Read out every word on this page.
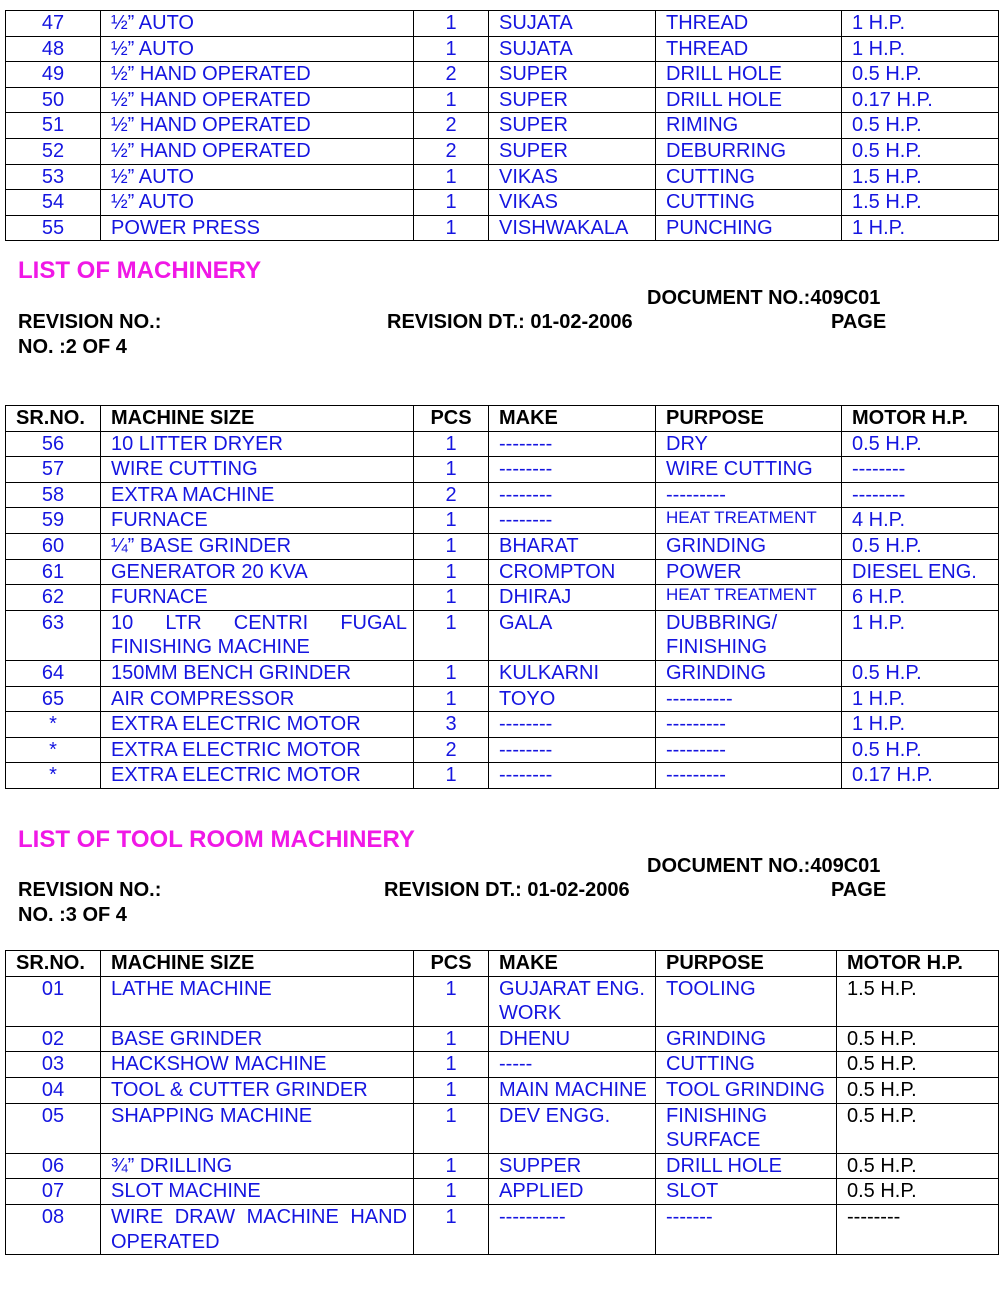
47	½” AUTO	1	SUJATA	THREAD	1 H.P.
48	½” AUTO	1	SUJATA	THREAD	1 H.P.
49	½” HAND OPERATED	2	SUPER	DRILL HOLE	0.5 H.P.
50	½” HAND OPERATED	1	SUPER	DRILL HOLE	0.17 H.P.
51	½” HAND OPERATED	2	SUPER	RIMING	0.5 H.P.
52	½” HAND OPERATED	2	SUPER	DEBURRING	0.5 H.P.
53	½” AUTO	1	VIKAS	CUTTING	1.5 H.P.
54	½” AUTO	1	VIKAS	CUTTING	1.5 H.P.
55	POWER PRESS	1	VISHWAKALA	PUNCHING	1 H.P.
LIST OF MACHINERY
DOCUMENT NO.:409C01
REVISION NO.:	REVISION DT.: 01-02-2006	PAGE
NO. :2 OF 4
SR.NO.	MACHINE SIZE	PCS	MAKE	PURPOSE	MOTOR H.P.
56	10 LITTER DRYER	1	--------	DRY	0.5 H.P.
57	WIRE CUTTING	1	--------	WIRE CUTTING	--------
58	EXTRA MACHINE	2	--------	---------	--------
59	FURNACE	1	--------	HEAT TREATMENT	4 H.P.
60	¼” BASE GRINDER	1	BHARAT	GRINDING	0.5 H.P.
61	GENERATOR 20 KVA	1	CROMPTON	POWER	DIESEL ENG.
62	FURNACE	1	DHIRAJ	HEAT TREATMENT	6 H.P.
63	10 LTR CENTRI FUGAL FINISHING MACHINE	1	GALA	DUBBRING/ FINISHING	1 H.P.
64	150MM BENCH GRINDER	1	KULKARNI	GRINDING	0.5 H.P.
65	AIR COMPRESSOR	1	TOYO	----------	1 H.P.
*	EXTRA ELECTRIC MOTOR	3	--------	---------	1 H.P.
*	EXTRA ELECTRIC MOTOR	2	--------	---------	0.5 H.P.
*	EXTRA ELECTRIC MOTOR	1	--------	---------	0.17 H.P.
LIST OF TOOL ROOM MACHINERY
DOCUMENT NO.:409C01
REVISION NO.:	REVISION DT.: 01-02-2006	PAGE
NO. :3 OF 4
SR.NO.	MACHINE SIZE	PCS	MAKE	PURPOSE	MOTOR H.P.
01	LATHE MACHINE	1	GUJARAT ENG. WORK	TOOLING	1.5 H.P.
02	BASE GRINDER	1	DHENU	GRINDING	0.5 H.P.
03	HACKSHOW MACHINE	1	-----	CUTTING	0.5 H.P.
04	TOOL & CUTTER GRINDER	1	MAIN MACHINE	TOOL GRINDING	0.5 H.P.
05	SHAPPING MACHINE	1	DEV ENGG.	FINISHING SURFACE	0.5 H.P.
06	¾” DRILLING	1	SUPPER	DRILL HOLE	0.5 H.P.
07	SLOT MACHINE	1	APPLIED	SLOT	0.5 H.P.
08	WIRE DRAW MACHINE HAND OPERATED	1	----------	-------	--------
